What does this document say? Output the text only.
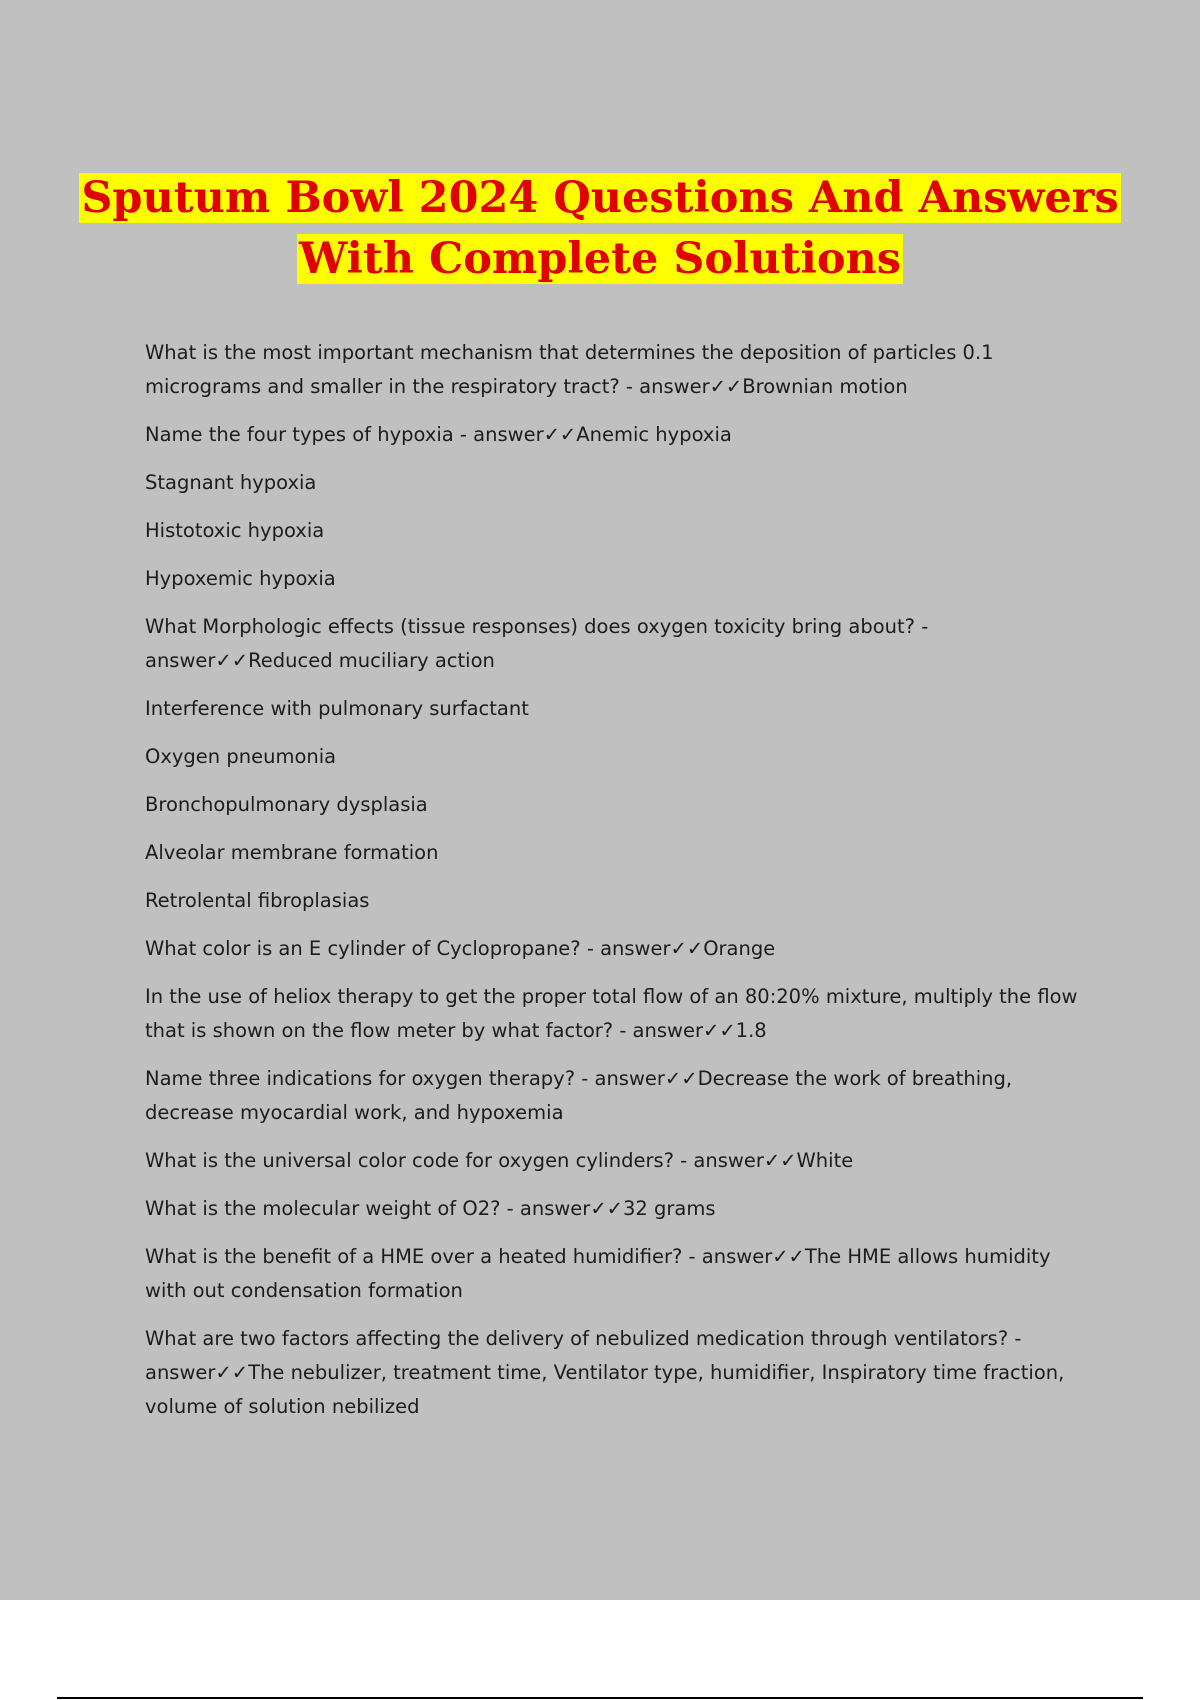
Sputum Bowl 2024 Questions And Answers
With Complete Solutions

What is the most important mechanism that determines the deposition of particles 0.1 micrograms and smaller in the respiratory tract? - answer✓✓Brownian motion

Name the four types of hypoxia - answer✓✓Anemic hypoxia

Stagnant hypoxia

Histotoxic hypoxia

Hypoxemic hypoxia

What Morphologic effects (tissue responses) does oxygen toxicity bring about? - answer✓✓Reduced muciliary action

Interference with pulmonary surfactant

Oxygen pneumonia

Bronchopulmonary dysplasia

Alveolar membrane formation

Retrolental fibroplasias

What color is an E cylinder of Cyclopropane? - answer✓✓Orange

In the use of heliox therapy to get the proper total flow of an 80:20% mixture, multiply the flow that is shown on the flow meter by what factor? - answer✓✓1.8

Name three indications for oxygen therapy? - answer✓✓Decrease the work of breathing, decrease myocardial work, and hypoxemia

What is the universal color code for oxygen cylinders? - answer✓✓White

What is the molecular weight of O2? - answer✓✓32 grams

What is the benefit of a HME over a heated humidifier? - answer✓✓The HME allows humidity with out condensation formation

What are two factors affecting the delivery of nebulized medication through ventilators? - answer✓✓The nebulizer, treatment time, Ventilator type, humidifier, Inspiratory time fraction, volume of solution nebilized
